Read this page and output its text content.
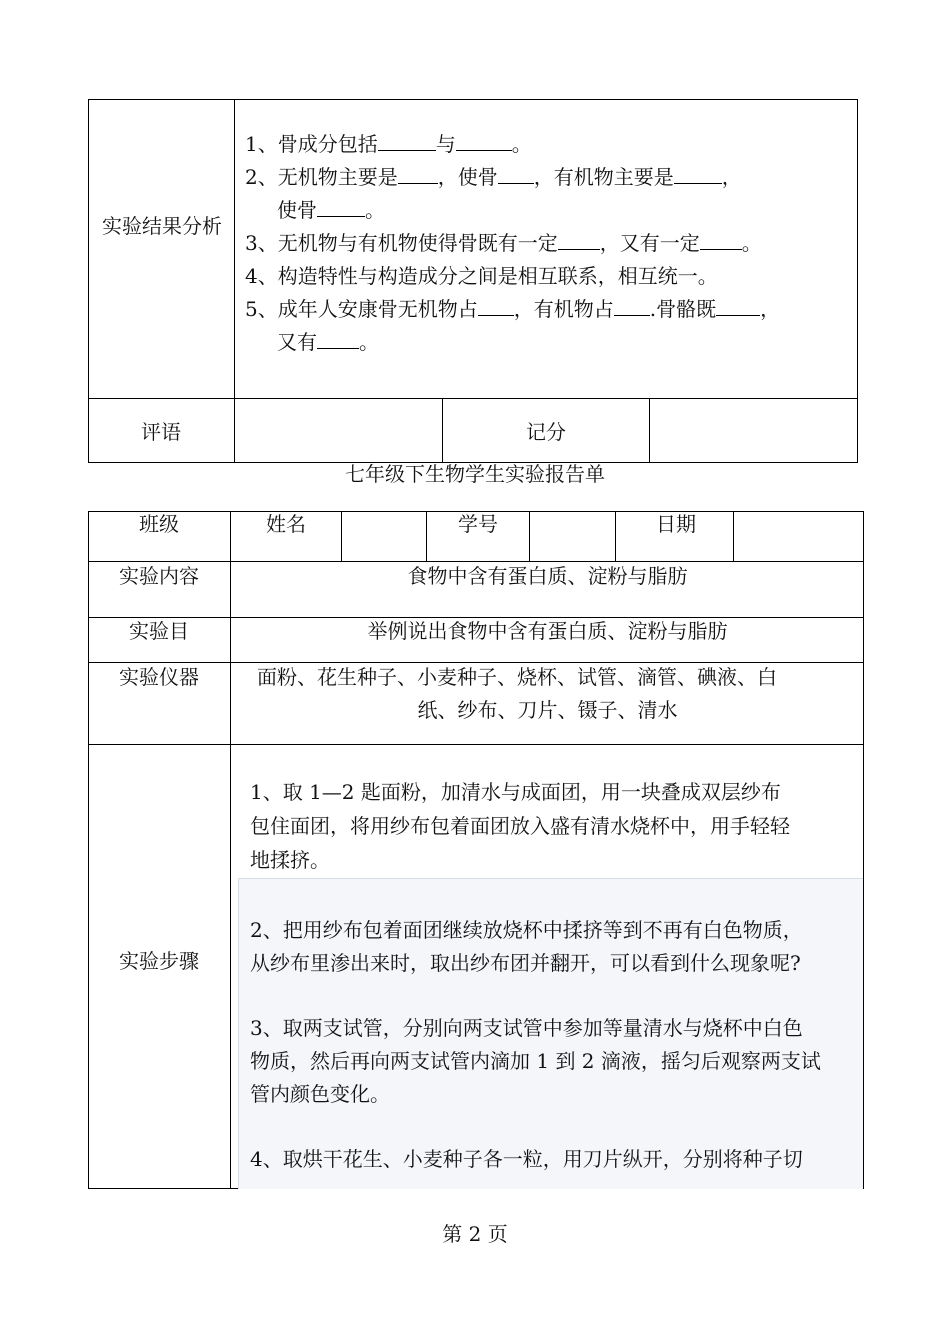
实验结果分析
1、骨成分包括	与	。
2、无机物主要是 ，使骨 ，有机物主要是 ，
使骨 。
3、无机物与有机物使得骨既有一定 ，又有一定 。
4、构造特性与构造成分之间是相互联系，相互统一。
5、成年人安康骨无机物占 ，有机物占 .骨骼既 ，
又有 。
评语	记分
七年级下生物学生实验报告单
班级	姓名	学号	日期
实验内容	食物中含有蛋白质、淀粉与脂肪
实验目	举例说出食物中含有蛋白质、淀粉与脂肪
实验仪器	面粉、花生种子、小麦种子、烧杯、试管、滴管、碘液、白
纸、纱布、刀片、镊子、清水
实验步骤
1、取 1—2 匙面粉，加清水与成面团，用一块叠成双层纱布
包住面团，将用纱布包着面团放入盛有清水烧杯中，用手轻轻
地揉挤。
2、把用纱布包着面团继续放烧杯中揉挤等到不再有白色物质，
从纱布里渗出来时，取出纱布团并翻开，可以看到什么现象呢?
3、取两支试管，分别向两支试管中参加等量清水与烧杯中白色
物质，然后再向两支试管内滴加 1 到 2 滴液，摇匀后观察两支试
管内颜色变化。
4、取烘干花生、小麦种子各一粒，用刀片纵开，分别将种子切
第 2 页
